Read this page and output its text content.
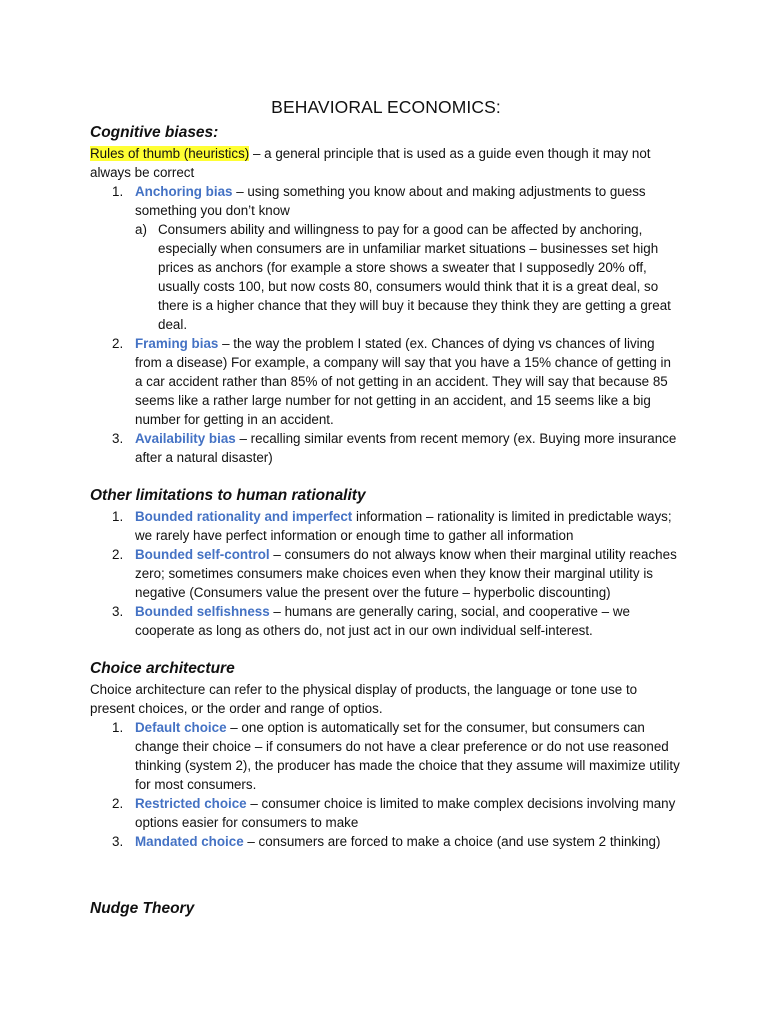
BEHAVIORAL ECONOMICS:
Cognitive biases:

Rules of thumb (heuristics) – a general principle that is used as a guide even though it may not always be correct

1. Anchoring bias – using something you know about and making adjustments to guess something you don’t know
a) Consumers ability and willingness to pay for a good can be affected by anchoring, especially when consumers are in unfamiliar market situations – businesses set high prices as anchors (for example a store shows a sweater that I supposedly 20% off, usually costs 100, but now costs 80, consumers would think that it is a great deal, so there is a higher chance that they will buy it because they think they are getting a great deal.
2. Framing bias – the way the problem I stated (ex. Chances of dying vs chances of living from a disease) For example, a company will say that you have a 15% chance of getting in a car accident rather than 85% of not getting in an accident. They will say that because 85 seems like a rather large number for not getting in an accident, and 15 seems like a big number for getting in an accident.
3. Availability bias – recalling similar events from recent memory (ex. Buying more insurance after a natural disaster)
Other limitations to human rationality
1. Bounded rationality and imperfect information – rationality is limited in predictable ways; we rarely have perfect information or enough time to gather all information
2. Bounded self-control – consumers do not always know when their marginal utility reaches zero; sometimes consumers make choices even when they know their marginal utility is negative (Consumers value the present over the future – hyperbolic discounting)
3. Bounded selfishness – humans are generally caring, social, and cooperative – we cooperate as long as others do, not just act in our own individual self-interest.
Choice architecture

Choice architecture can refer to the physical display of products, the language or tone use to present choices, or the order and range of optios.

1. Default choice – one option is automatically set for the consumer, but consumers can change their choice – if consumers do not have a clear preference or do not use reasoned thinking (system 2), the producer has made the choice that they assume will maximize utility for most consumers.
2. Restricted choice – consumer choice is limited to make complex decisions involving many options easier for consumers to make
3. Mandated choice – consumers are forced to make a choice (and use system 2 thinking)
Nudge Theory
